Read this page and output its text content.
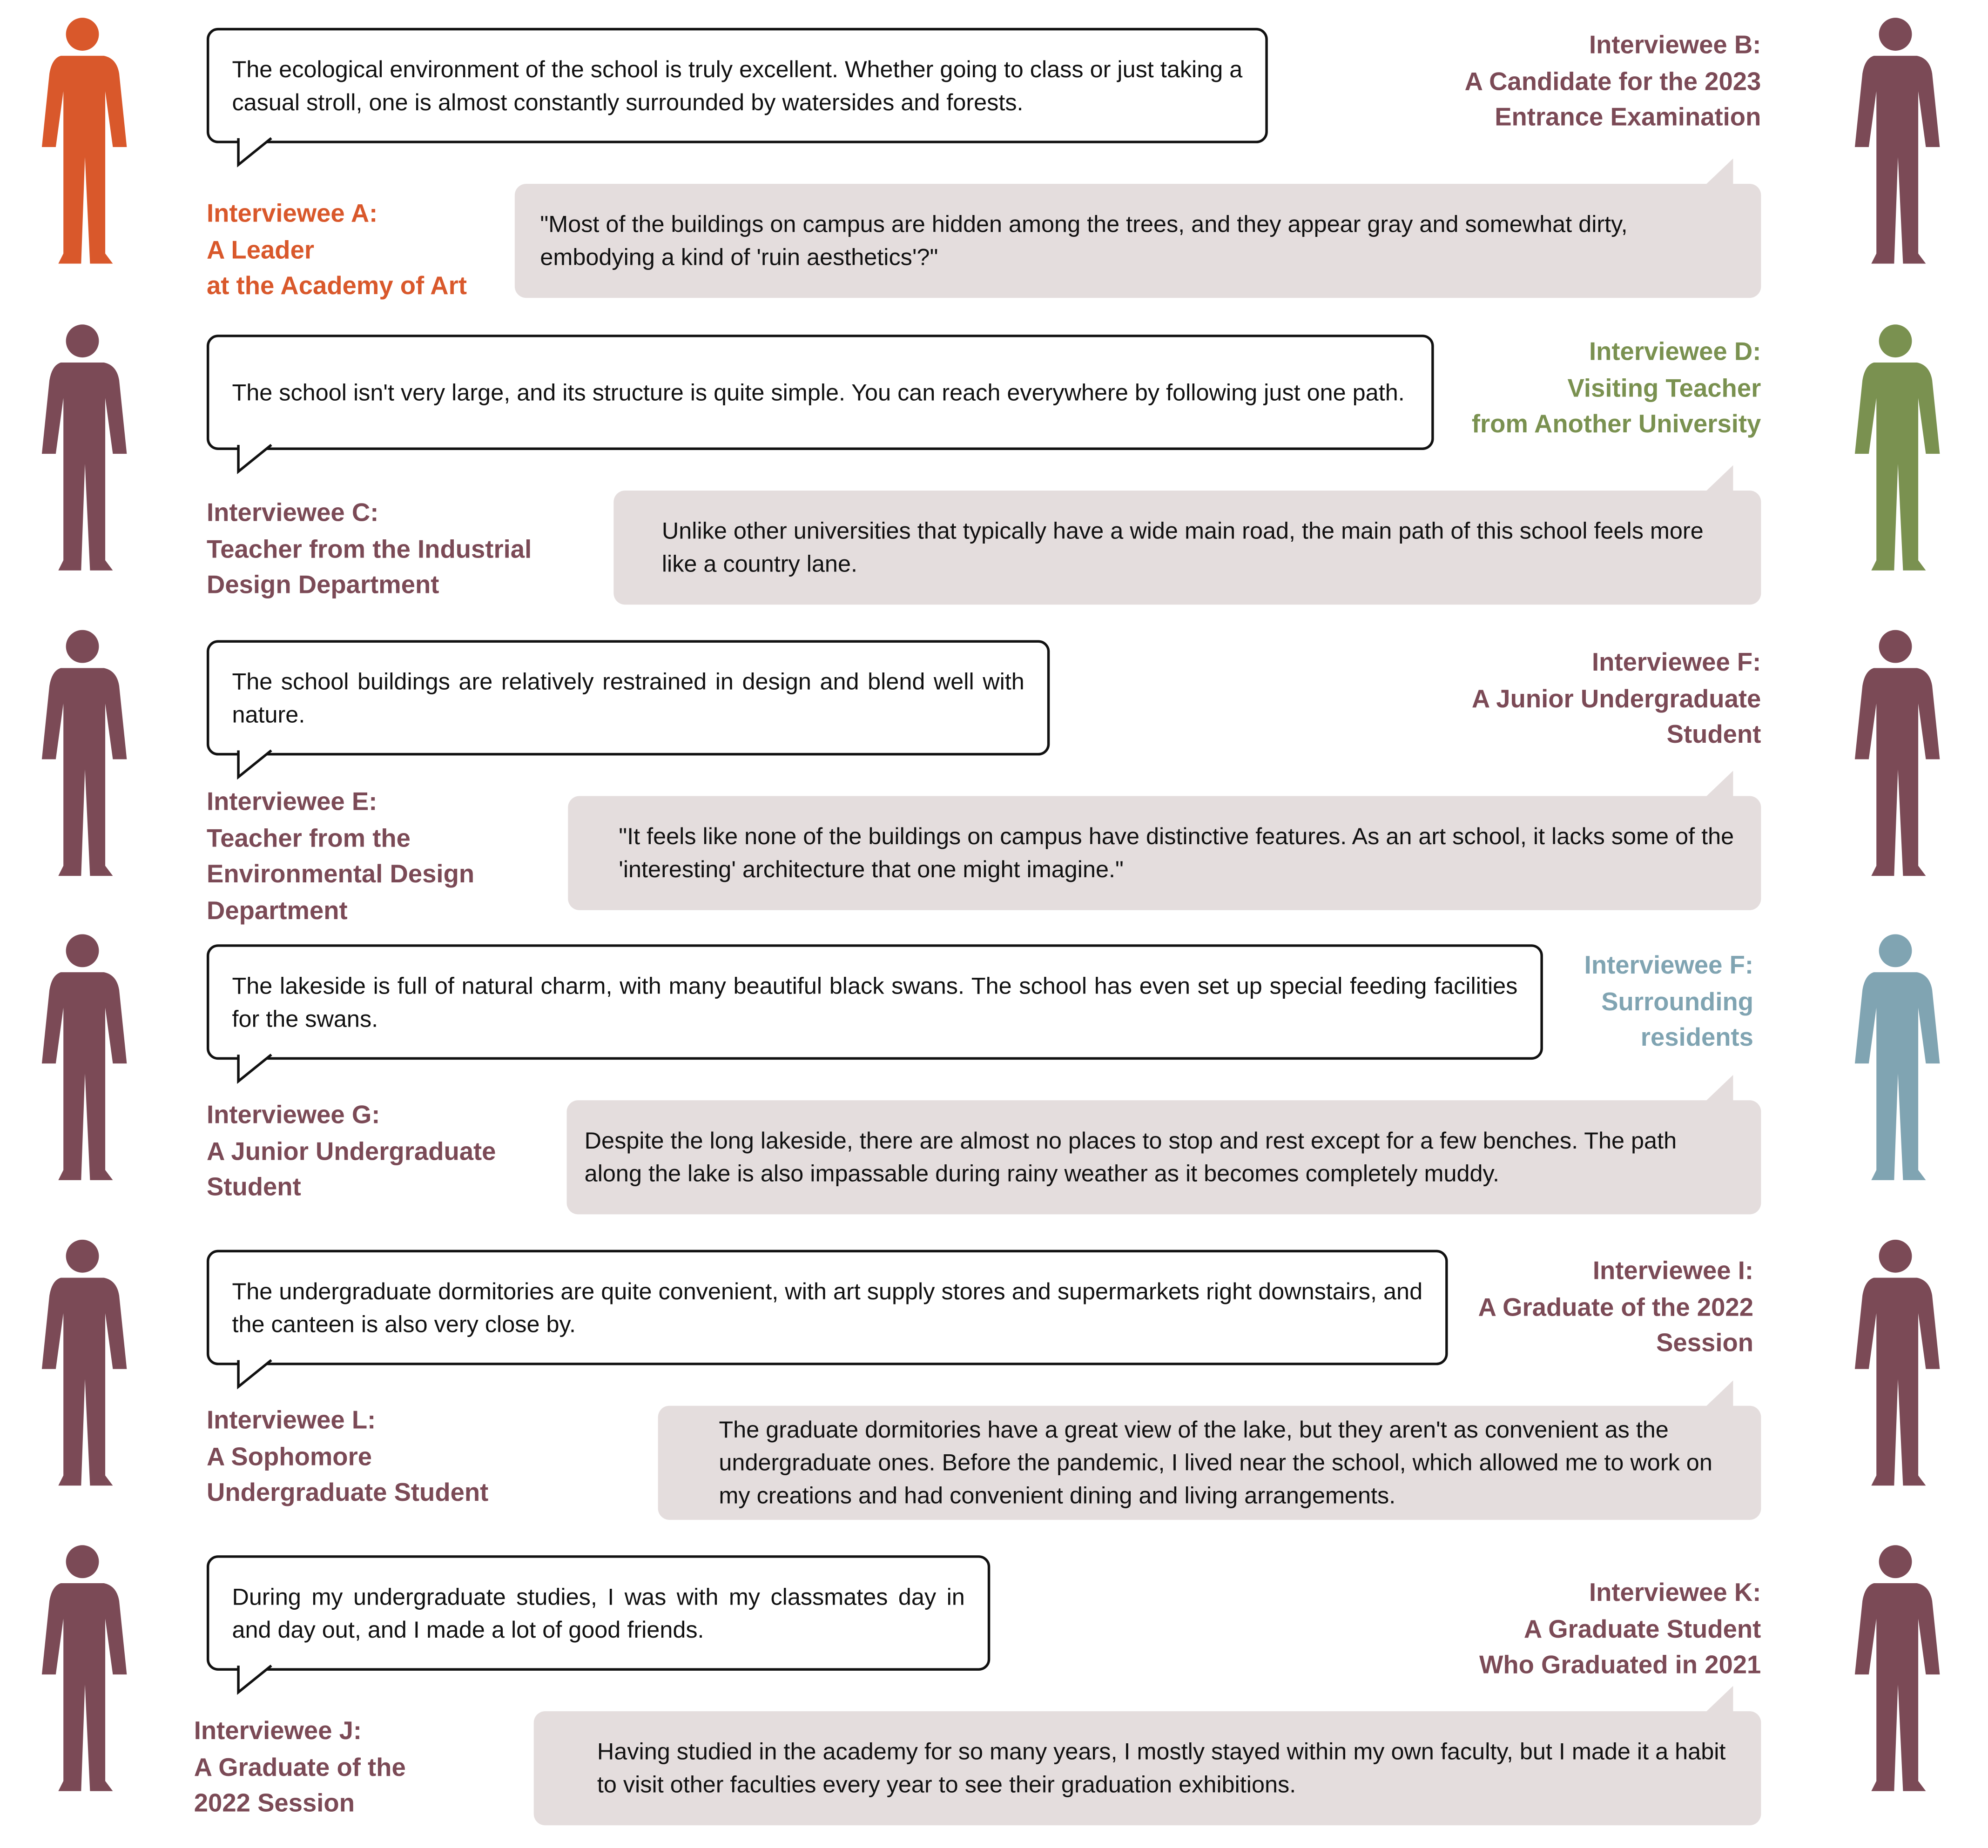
The ecological environment of the school is truly excellent. Whether going to class or just taking a casual stroll, one is almost constantly surrounded by watersides and forests.
"Most of the buildings on campus are hidden among the trees, and they appear gray and somewhat dirty, embodying a kind of 'ruin aesthetics'?"
Interviewee A:
A Leader
at the Academy of Art
Interviewee B:
A Candidate for the 2023
Entrance Examination
The school isn't very large, and its structure is quite simple. You can reach everywhere by following just one path.
Unlike other universities that typically have a wide main road, the main path of this school feels more like a country lane.
Interviewee C:
Teacher from the Industrial
Design Department
Interviewee D:
Visiting Teacher
from Another University
The school buildings are relatively restrained in design and blend well with nature.
"It feels like none of the buildings on campus have distinctive features. As an art school, it lacks some of the 'interesting' architecture that one might imagine."
Interviewee E:
Teacher from the
Environmental Design
Department
Interviewee F:
A Junior Undergraduate
Student
The lakeside is full of natural charm, with many beautiful black swans. The school has even set up special feeding facilities for the swans.
Despite the long lakeside, there are almost no places to stop and rest except for a few benches. The path along the lake is also impassable during rainy weather as it becomes completely muddy.
Interviewee G:
A Junior Undergraduate
Student
Interviewee F:
Surrounding
residents
The undergraduate dormitories are quite convenient, with art supply stores and supermarkets right downstairs, and the canteen is also very close by.
The graduate dormitories have a great view of the lake, but they aren't as convenient as the undergraduate ones. Before the pandemic, I lived near the school, which allowed me to work on my creations and had convenient dining and living arrangements.
Interviewee L:
A Sophomore
Undergraduate Student
Interviewee I:
A Graduate of the 2022
Session
During my undergraduate studies, I was with my classmates day in and day out, and I made a lot of good friends.
Having studied in the academy for so many years, I mostly stayed within my own faculty, but I made it a habit to visit other faculties every year to see their graduation exhibitions.
Interviewee J:
A Graduate of the
2022 Session
Interviewee K:
A Graduate Student
Who Graduated in 2021
